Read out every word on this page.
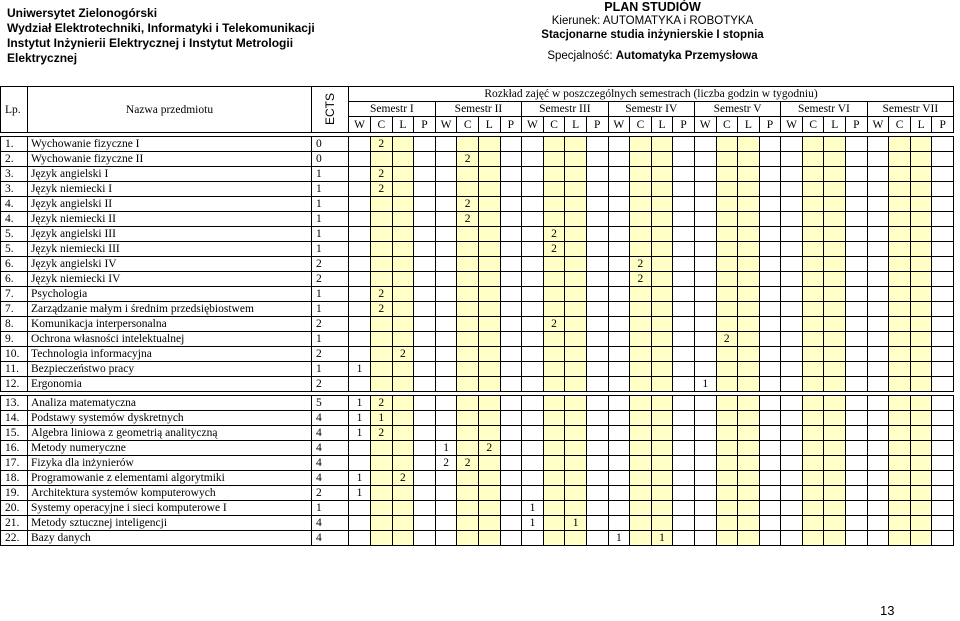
Uniwersytet Zielonogórski
Wydział Elektrotechniki, Informatyki i Telekomunikacji
Instytut Inżynierii Elektrycznej i Instytut Metrologii
Elektrycznej
PLAN STUDIÓW
Kierunek: AUTOMATYKA i ROBOTYKA
Stacjonarne studia inżynierskie I stopnia
Specjalność: Automatyka Przemysłowa
Lp.	Nazwa przedmiotu	ECTS	Rozkład zajęć w poszczególnych semestrach (liczba godzin w tygodniu)																											
			Semestr I				Semestr II				Semestr III				Semestr IV				Semestr V				Semestr VI				Semestr VII			
			W	C	L	P	W	C	L	P	W	C	L	P	W	C	L	P	W	C	L	P	W	C	L	P	W	C	L	P

1.	Wychowanie fizyczne I	0		2																										
2.	Wychowanie fizyczne II	0						2																						
3.	Język angielski I	1		2																										
3.	Język niemiecki I	1		2																										
4.	Język angielski II	1						2																						
4.	Język niemiecki II	1						2																						
5.	Język angielski III	1										2																		
5.	Język niemiecki III	1										2																		
6.	Język angielski IV	2														2														
6.	Język niemiecki IV	2														2														
7.	Psychologia	1		2																										
7.	Zarządzanie małym i średnim przedsiębiostwem	1		2																										
8.	Komunikacja interpersonalna	2										2																		
9.	Ochrona własności intelektualnej	1																		2										
10.	Technologia informacyjna	2			2																									
11.	Bezpieczeństwo pracy	1	1																											
12.	Ergonomia	2																	1											

13.	Analiza matematyczna	5	1	2																										
14.	Podstawy systemów dyskretnych	4	1	1																										
15.	Algebra liniowa z geometrią analityczną	4	1	2																										
16.	Metody numeryczne	4					1		2																					
17.	Fizyka dla inżynierów	4					2	2																						
18.	Programowanie z elementami algorytmiki	4	1		2																									
19.	Architektura systemów komputerowych	2	1																											
20.	Systemy operacyjne i sieci komputerowe I	1									1																			
21.	Metody sztucznej inteligencji	4									1		1																	
22.	Bazy danych	4													1		1													
13
